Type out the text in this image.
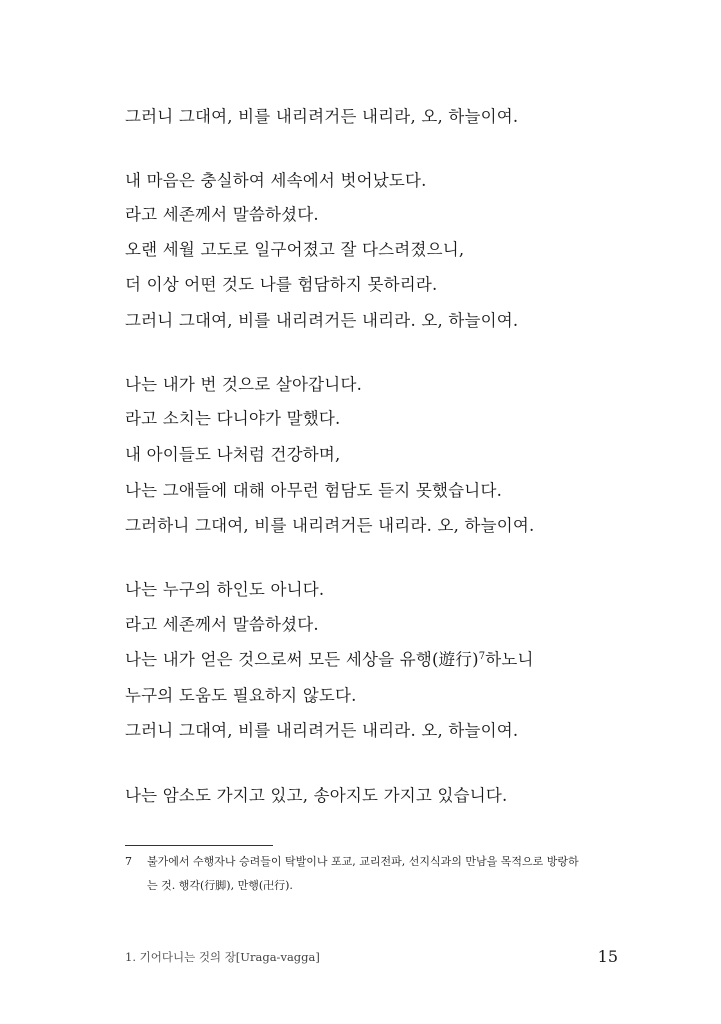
그러니 그대여, 비를 내리려거든 내리라, 오, 하늘이여.
내 마음은 충실하여 세속에서 벗어났도다.
라고 세존께서 말씀하셨다.
오랜 세월 고도로 일구어졌고 잘 다스려졌으니,
더 이상 어떤 것도 나를 험담하지 못하리라.
그러니 그대여, 비를 내리려거든 내리라. 오, 하늘이여.
나는 내가 번 것으로 살아갑니다.
라고 소치는 다니야가 말했다.
내 아이들도 나처럼 건강하며,
나는 그애들에 대해 아무런 험담도 듣지 못했습니다.
그러하니 그대여, 비를 내리려거든 내리라. 오, 하늘이여.
나는 누구의 하인도 아니다.
라고 세존께서 말씀하셨다.
나는 내가 얻은 것으로써 모든 세상을 유행(遊行)$^7$하노니
누구의 도움도 필요하지 않도다.
그러니 그대여, 비를 내리려거든 내리라. 오, 하늘이여.
나는 암소도 가지고 있고, 송아지도 가지고 있습니다.
7 불가에서 수행자나 승려들이 탁발이나 포교, 교리전파, 선지식과의 만남을 목적으로 방랑하
는 것. 행각(行脚), 만행(卍行).
1. 기어다니는 것의 장[Uraga-vagga]	15
